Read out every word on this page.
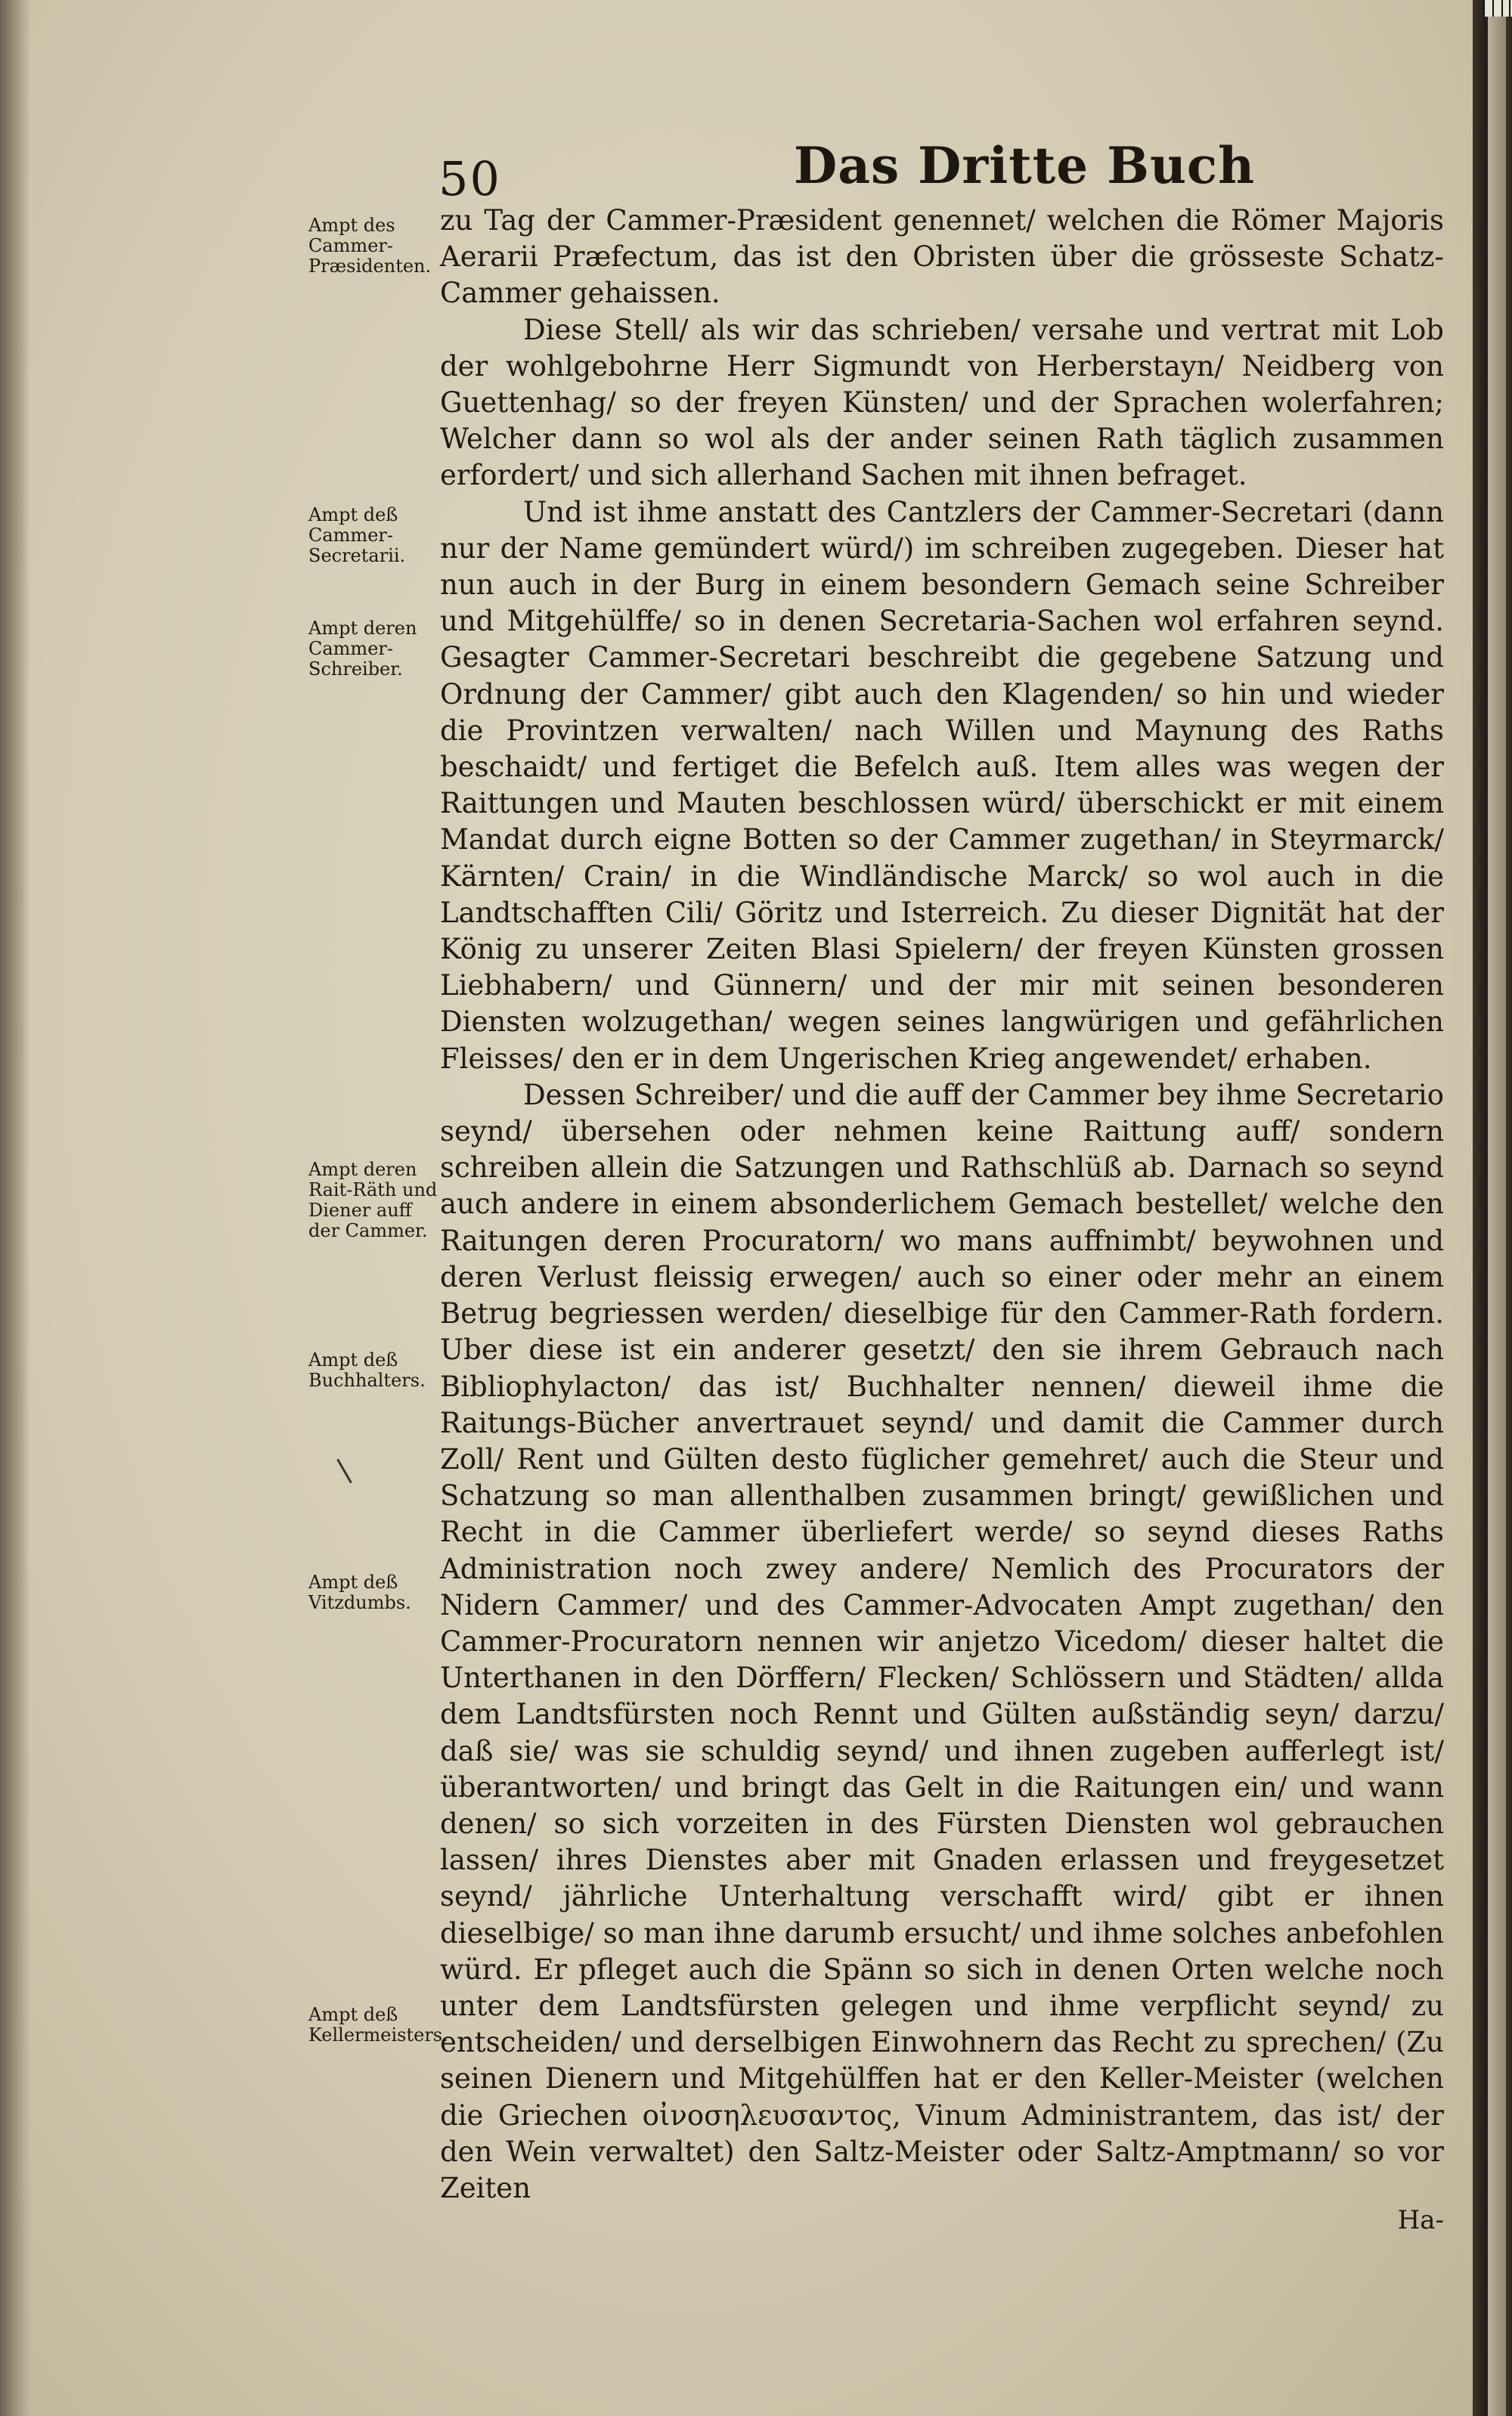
50	Das Dritte Buch
Ampt des Cammer-Præsidenten.
Ampt deß Cammer-Secretarii.
Ampt deren Cammer-Schreiber.
Ampt deren Rait-Räth und Diener auff der Cammer.
Ampt deß Buchhalters.
Ampt deß Vitzdumbs.
Ampt deß Kellermeisters.

zu Tag der Cammer-Præsident genennet/ welchen die Römer Majoris Aerarii Præfectum, das ist den Obristen über die grösseste Schatz-Cammer gehaissen.

Diese Stell/ als wir das schrieben/ versahe und vertrat mit Lob der wohlgebohrne Herr Sigmundt von Herberstayn/ Neidberg von Guettenhag/ so der freyen Künsten/ und der Sprachen wolerfahren; Welcher dann so wol als der ander seinen Rath täglich zusammen erfordert/ und sich allerhand Sachen mit ihnen befraget.

Und ist ihme anstatt des Cantzlers der Cammer-Secretari (dann nur der Name gemündert würd/) im schreiben zugegeben. Dieser hat nun auch in der Burg in einem besondern Gemach seine Schreiber und Mitgehülffe/ so in denen Secretaria-Sachen wol erfahren seynd. Gesagter Cammer-Secretari beschreibt die gegebene Satzung und Ordnung der Cammer/ gibt auch den Klagenden/ so hin und wieder die Provintzen verwalten/ nach Willen und Maynung des Raths beschaidt/ und fertiget die Befelch auß. Item alles was wegen der Raittungen und Mauten beschlossen würd/ überschickt er mit einem Mandat durch eigne Botten so der Cammer zugethan/ in Steyrmarck/ Kärnten/ Crain/ in die Windländische Marck/ so wol auch in die Landtschafften Cili/ Göritz und Isterreich. Zu dieser Dignität hat der König zu unserer Zeiten Blasi Spielern/ der freyen Künsten grossen Liebhabern/ und Günnern/ und der mir mit seinen besonderen Diensten wolzugethan/ wegen seines langwürigen und gefährlichen Fleisses/ den er in dem Ungerischen Krieg angewendet/ erhaben.

Dessen Schreiber/ und die auff der Cammer bey ihme Secretario seynd/ übersehen oder nehmen keine Raittung auff/ sondern schreiben allein die Satzungen und Rathschlüß ab. Darnach so seynd auch andere in einem absonderlichem Gemach bestellet/ welche den Raitungen deren Procuratorn/ wo mans auffnimbt/ beywohnen und deren Verlust fleissig erwegen/ auch so einer oder mehr an einem Betrug begriessen werden/ dieselbige für den Cammer-Rath fordern. Uber diese ist ein anderer gesetzt/ den sie ihrem Gebrauch nach Bibliophylacton/ das ist/ Buchhalter nennen/ dieweil ihme die Raitungs-Bücher anvertrauet seynd/ und damit die Cammer durch Zoll/ Rent und Gülten desto füglicher gemehret/ auch die Steur und Schatzung so man allenthalben zusammen bringt/ gewißlichen und Recht in die Cammer überliefert werde/ so seynd dieses Raths Administration noch zwey andere/ Nemlich des Procurators der Nidern Cammer/ und des Cammer-Advocaten Ampt zugethan/ den Cammer-Procuratorn nennen wir anjetzo Vicedom/ dieser haltet die Unterthanen in den Dörffern/ Flecken/ Schlössern und Städten/ allda dem Landtsfürsten noch Rennt und Gülten außständig seyn/ darzu/ daß sie/ was sie schuldig seynd/ und ihnen zugeben aufferlegt ist/ überantworten/ und bringt das Gelt in die Raitungen ein/ und wann denen/ so sich vorzeiten in des Fürsten Diensten wol gebrauchen lassen/ ihres Dienstes aber mit Gnaden erlassen und freygesetzet seynd/ jährliche Unterhaltung verschafft wird/ gibt er ihnen dieselbige/ so man ihne darumb ersucht/ und ihme solches anbefohlen würd. Er pfleget auch die Spänn so sich in denen Orten welche noch unter dem Landtsfürsten gelegen und ihme verpflicht seynd/ zu entscheiden/ und derselbigen Einwohnern das Recht zu sprechen/ (Zu seinen Dienern und Mitgehülffen hat er den Keller-Meister (welchen die Griechen οἰνοσηλευσαντος, Vinum Administrantem, das ist/ der den Wein verwaltet) den Saltz-Meister oder Saltz-Amptmann/ so vor Zeiten

Ha-
